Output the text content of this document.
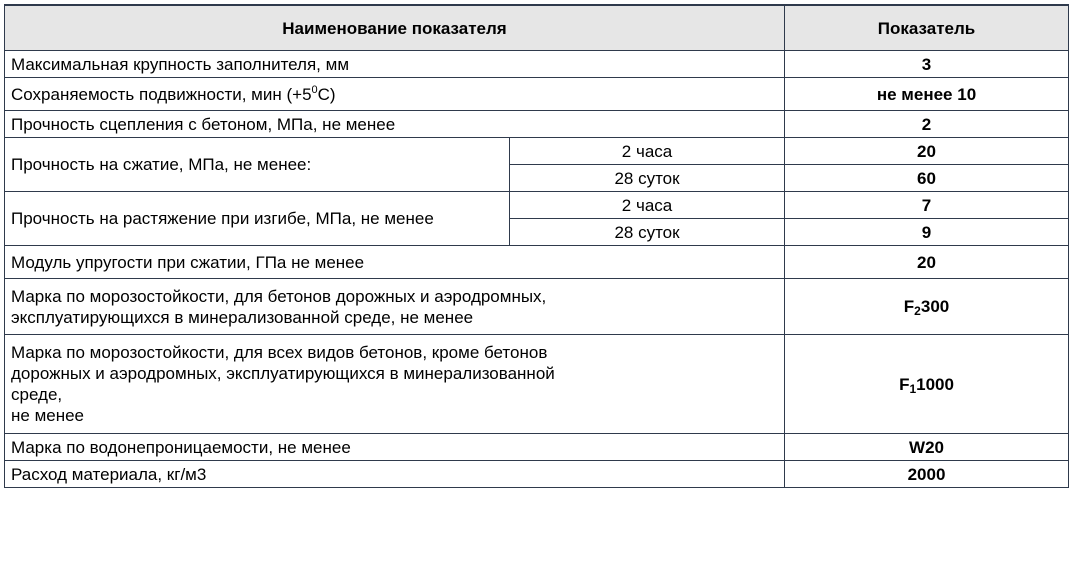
Наименование показателя		Показатель
Максимальная крупность заполнителя, мм		3
Сохраняемость подвижности, мин $(+5^0С)$		не менее 10
Прочность сцепления с бетоном, МПа, не менее		2
Прочность на сжатие, МПа, не менее:	2 часа	20
	28 суток	60
Прочность на растяжение при изгибе, МПа, не менее	2 часа	7
	28 суток	9
Модуль упругости при сжатии, ГПа не менее		20

Марка по морозостойкости, для бетонов дорожных и аэродромных,
эксплуатирующихся в минерализованной среде, не менее		$F_2300$

Марка по морозостойкости, для всех видов бетонов, кроме бетонов
дорожных и аэродромных, эксплуатирующихся в минерализованной
среде,
не менее		$F_11000$
Марка по водонепроницаемости, не менее		W20
Расход материала, кг/м3		2000
